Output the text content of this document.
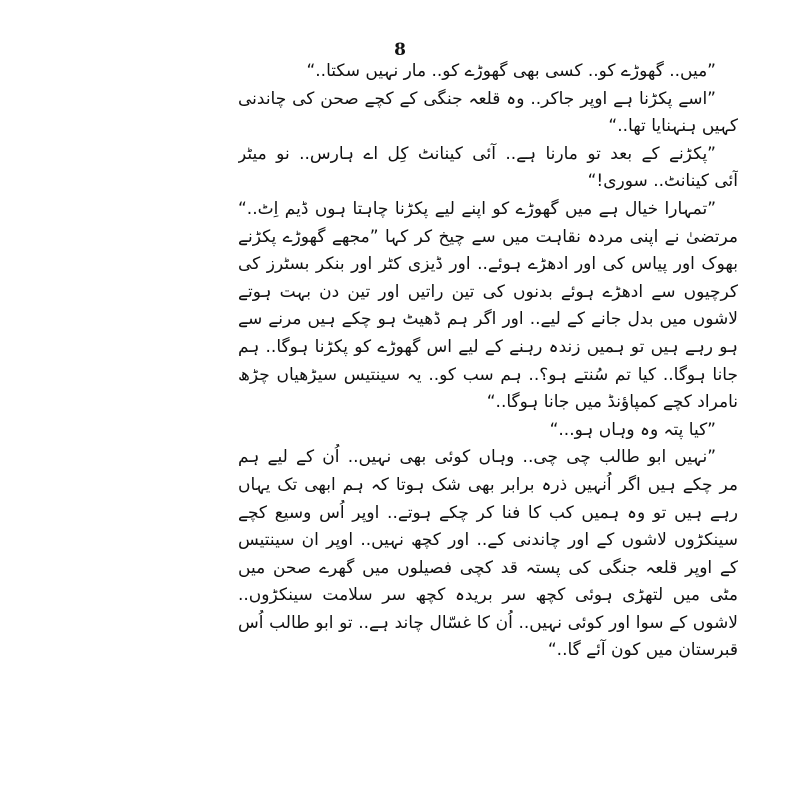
8
”میں.. گھوڑے کو.. کسی بھی گھوڑے کو.. مار نہیں سکتا..“
”اسے پکڑنا ہے اوپر جاکر.. وہ قلعہ جنگی کے کچے صحن کی چاندنی
کہیں ہنہنایا تھا..“
”پکڑنے کے بعد تو مارنا ہے.. آئی کینانٹ کِل اے ہارس.. نو میٹر
آئی کینانٹ.. سوری!“
”تمہارا خیال ہے میں گھوڑے کو اپنے لیے پکڑنا چاہتا ہوں ڈیم اِٹ..“
مرتضیٰ نے اپنی مردہ نقاہت میں سے چیخ کر کہا ”مجھے گھوڑے پکڑنے
بھوک اور پیاس کی اور ادھڑے ہوئے.. اور ڈیزی کٹر اور بنکر بسٹرز کی
کرچیوں سے ادھڑے ہوئے بدنوں کی تین راتیں اور تین دن بہت ہوتے
لاشوں میں بدل جانے کے لیے.. اور اگر ہم ڈھیٹ ہو چکے ہیں مرنے سے
ہو رہے ہیں تو ہمیں زندہ رہنے کے لیے اس گھوڑے کو پکڑنا ہوگا.. ہم
جانا ہوگا.. کیا تم سُنتے ہو؟.. ہم سب کو.. یہ سینتیس سیڑھیاں چڑھ
نامراد کچے کمپاؤنڈ میں جانا ہوگا..“
”کیا پتہ وہ وہاں ہو...“
”نہیں ابو طالب چی چی.. وہاں کوئی بھی نہیں.. اُن کے لیے ہم
مر چکے ہیں اگر اُنہیں ذرہ برابر بھی شک ہوتا کہ ہم ابھی تک یہاں
رہے ہیں تو وہ ہمیں کب کا فنا کر چکے ہوتے.. اوپر اُس وسیع کچے
سینکڑوں لاشوں کے اور چاندنی کے.. اور کچھ نہیں.. اوپر ان سینتیس
کے اوپر قلعہ جنگی کی پستہ قد کچی فصیلوں میں گھرے صحن میں
مٹی میں لتھڑی ہوئی کچھ سر بریدہ کچھ سر سلامت سینکڑوں..
لاشوں کے سوا اور کوئی نہیں.. اُن کا غسّال چاند ہے.. تو ابو طالب اُس
قبرستان میں کون آئے گا..“
